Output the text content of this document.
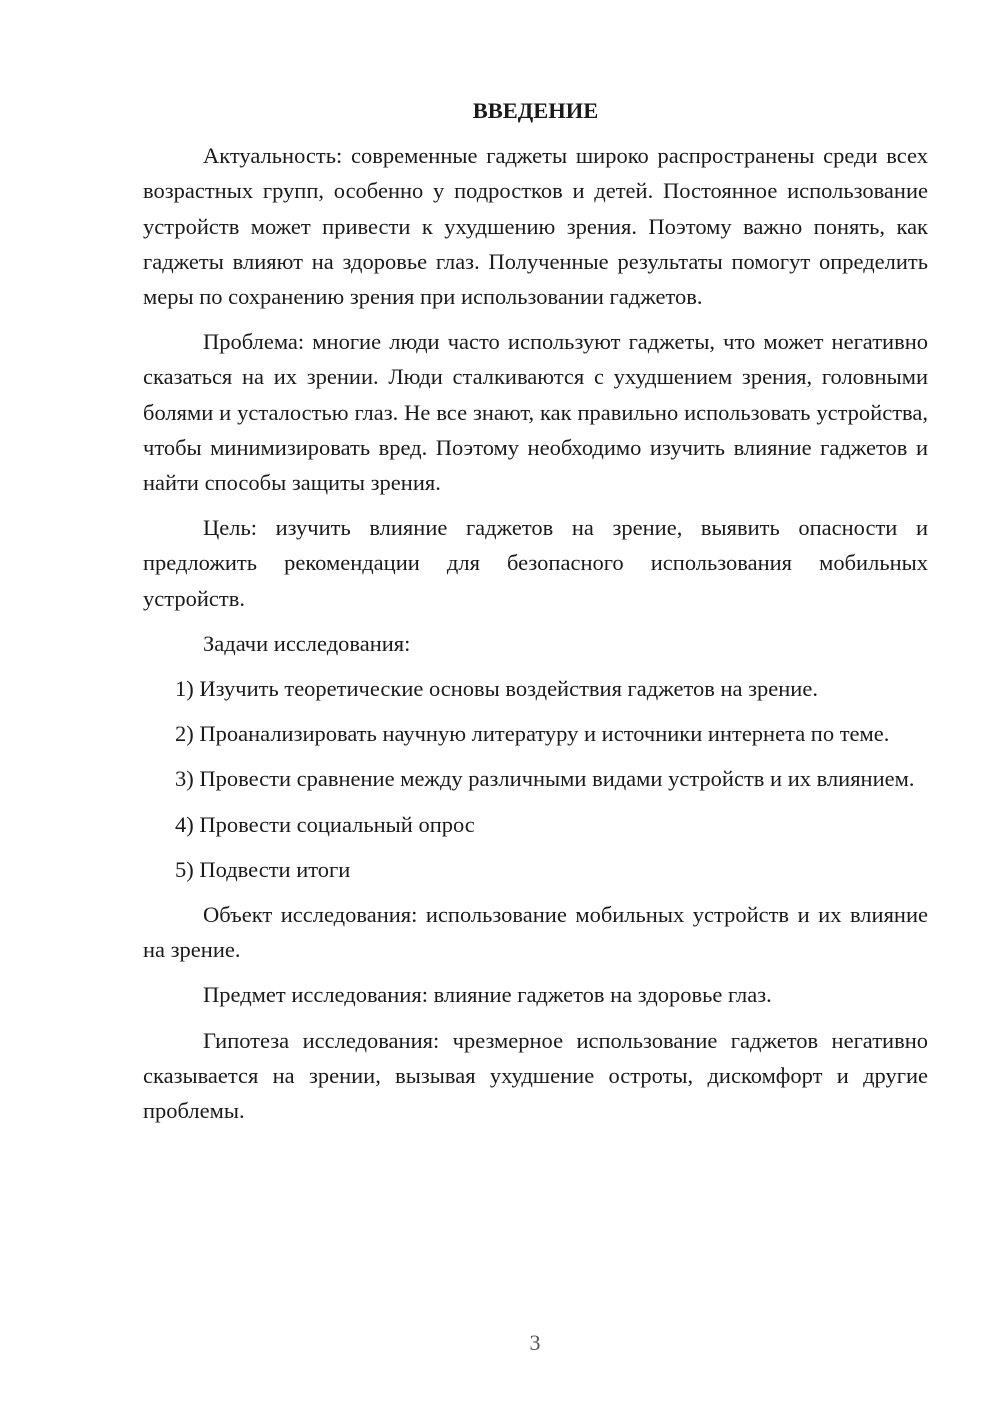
ВВЕДЕНИЕ

Актуальность: современные гаджеты широко распространены среди всех возрастных групп, особенно у подростков и детей. Постоянное использование устройств может привести к ухудшению зрения. Поэтому важно понять, как гаджеты влияют на здоровье глаз. Полученные результаты помогут определить меры по сохранению зрения при использовании гаджетов.

Проблема: многие люди часто используют гаджеты, что может негативно сказаться на их зрении. Люди сталкиваются с ухудшением зрения, головными болями и усталостью глаз. Не все знают, как правильно использовать устройства, чтобы минимизировать вред. Поэтому необходимо изучить влияние гаджетов и найти способы защиты зрения.

Цель: изучить влияние гаджетов на зрение, выявить опасности и предложить рекомендации для безопасного использования мобильных устройств.

Задачи исследования:

1) Изучить теоретические основы воздействия гаджетов на зрение.

2) Проанализировать научную литературу и источники интернета по теме.

3) Провести сравнение между различными видами устройств и их влиянием.

4) Провести социальный опрос

5) Подвести итоги

Объект исследования: использование мобильных устройств и их влияние на зрение.

Предмет исследования: влияние гаджетов на здоровье глаз.

Гипотеза исследования: чрезмерное использование гаджетов негативно сказывается на зрении, вызывая ухудшение остроты, дискомфорт и другие проблемы.

3
